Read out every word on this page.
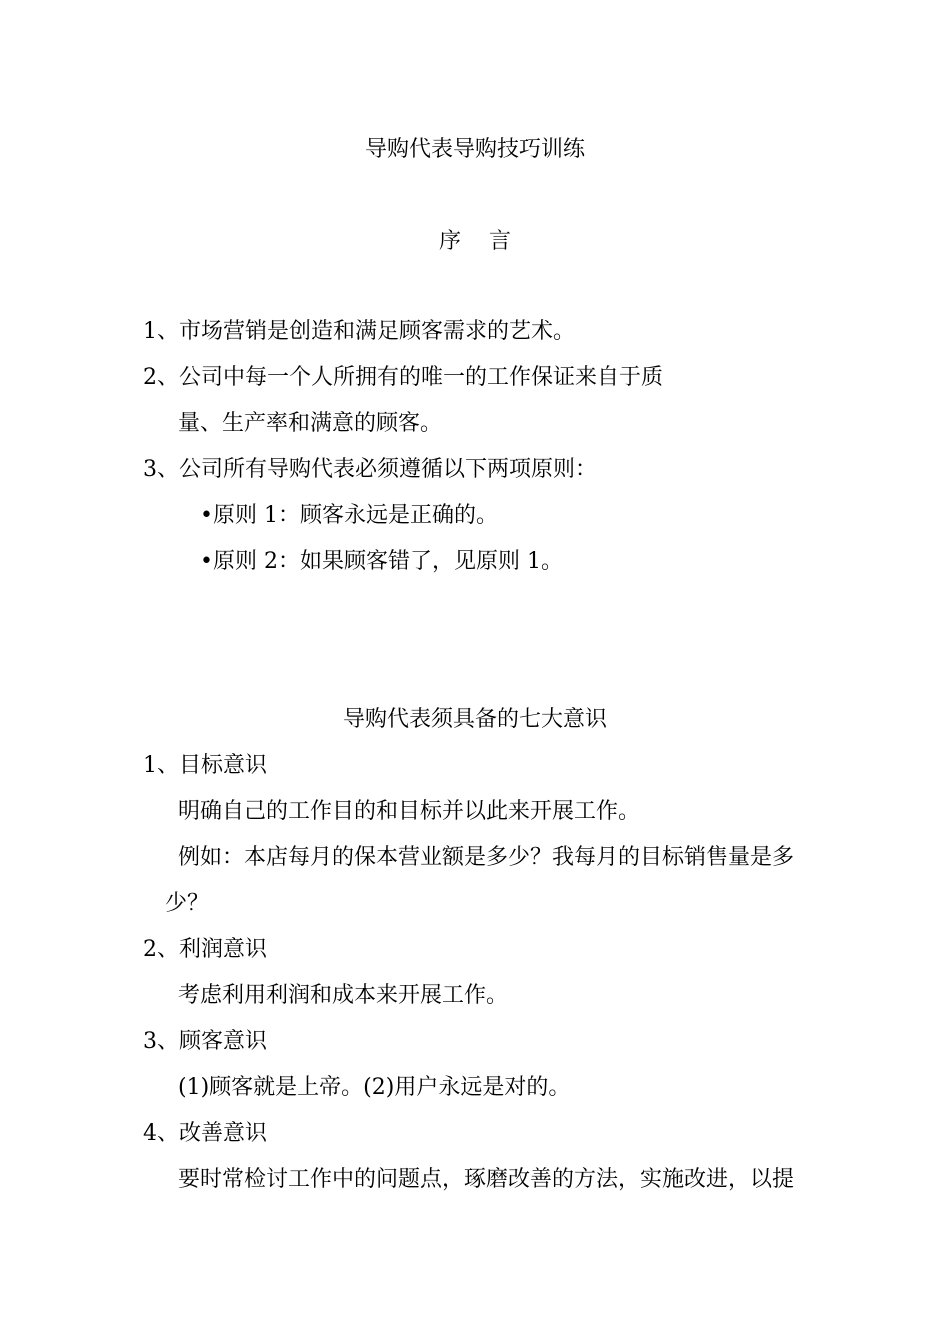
导购代表导购技巧训练
序    言
1、市场营销是创造和满足顾客需求的艺术。
2、公司中每一个人所拥有的唯一的工作保证来自于质
量、生产率和满意的顾客。
3、公司所有导购代表必须遵循以下两项原则：
•原则 1：顾客永远是正确的。
•原则 2：如果顾客错了，见原则 1。
导购代表须具备的七大意识
1、目标意识
明确自己的工作目的和目标并以此来开展工作。
例如：本店每月的保本营业额是多少？我每月的目标销售量是多
少？
2、利润意识
考虑利用利润和成本来开展工作。
3、顾客意识
(1)顾客就是上帝。(2)用户永远是对的。
4、改善意识
要时常检讨工作中的问题点，琢磨改善的方法，实施改进，以提
